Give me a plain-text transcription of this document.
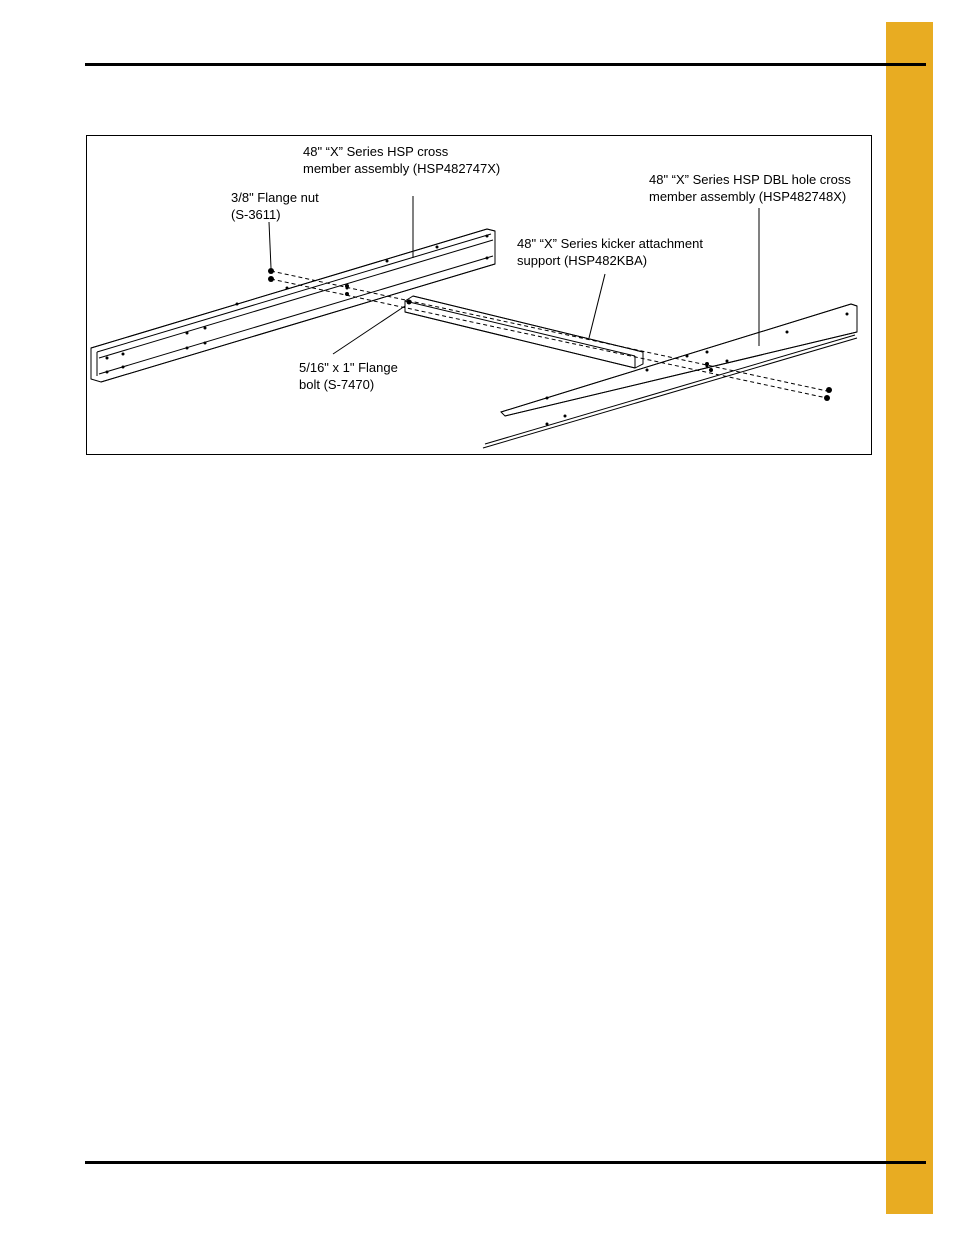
48" “X” Series HSP cross
member assembly (HSP482747X)
3/8" Flange nut
(S-3611)
48" “X” Series HSP DBL hole cross
member assembly (HSP482748X)
48" “X” Series kicker attachment
support (HSP482KBA)
5/16" x 1" Flange
bolt (S-7470)
